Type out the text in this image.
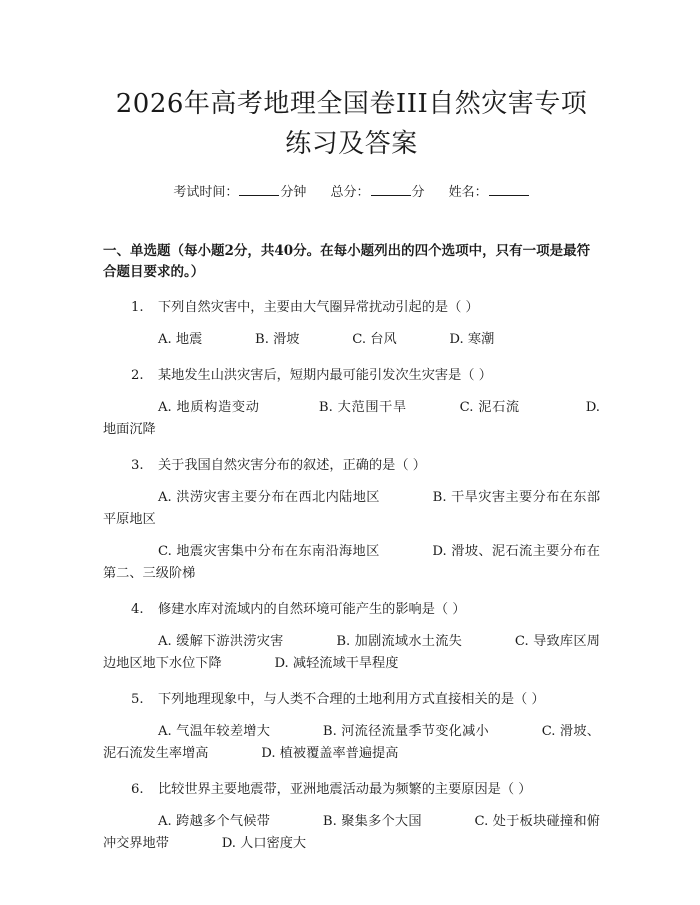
2026年高考地理全国卷III自然灾害专项练习及答案
考试时间：	分钟 总分：	分 姓名：
一、单选题（每小题2分，共40分。在每小题列出的四个选项中，只有一项是最符合题目要求的。）
1. 下列自然灾害中，主要由大气圈异常扰动引起的是（ ）
A. 地震    	B. 滑坡    	C. 台风    	D. 寒潮
2. 某地发生山洪灾害后，短期内最可能引发次生灾害是（ ）
A. 地质构造变动     	B. 大范围干旱    	C. 泥石流     	D. 地面沉降
3. 关于我国自然灾害分布的叙述，正确的是（ ）
A. 洪涝灾害主要分布在西北内陆地区    	B. 干旱灾害主要分布在东部平原地区
C. 地震灾害集中分布在东南沿海地区    	D. 滑坡、泥石流主要分布在第二、三级阶梯
4. 修建水库对流域内的自然环境可能产生的影响是（ ）
A. 缓解下游洪涝灾害    	B. 加剧流域水土流失    	C. 导致库区周边地区地下水位下降    	D. 减轻流域干旱程度
5. 下列地理现象中，与人类不合理的土地利用方式直接相关的是（ ）
A. 气温年较差增大    	B. 河流径流量季节变化减小    	C. 滑坡、泥石流发生率增高    	D. 植被覆盖率普遍提高
6. 比较世界主要地震带，亚洲地震活动最为频繁的主要原因是（ ）
A. 跨越多个气候带    	B. 聚集多个大国    	C. 处于板块碰撞和俯冲交界地带    	D. 人口密度大
